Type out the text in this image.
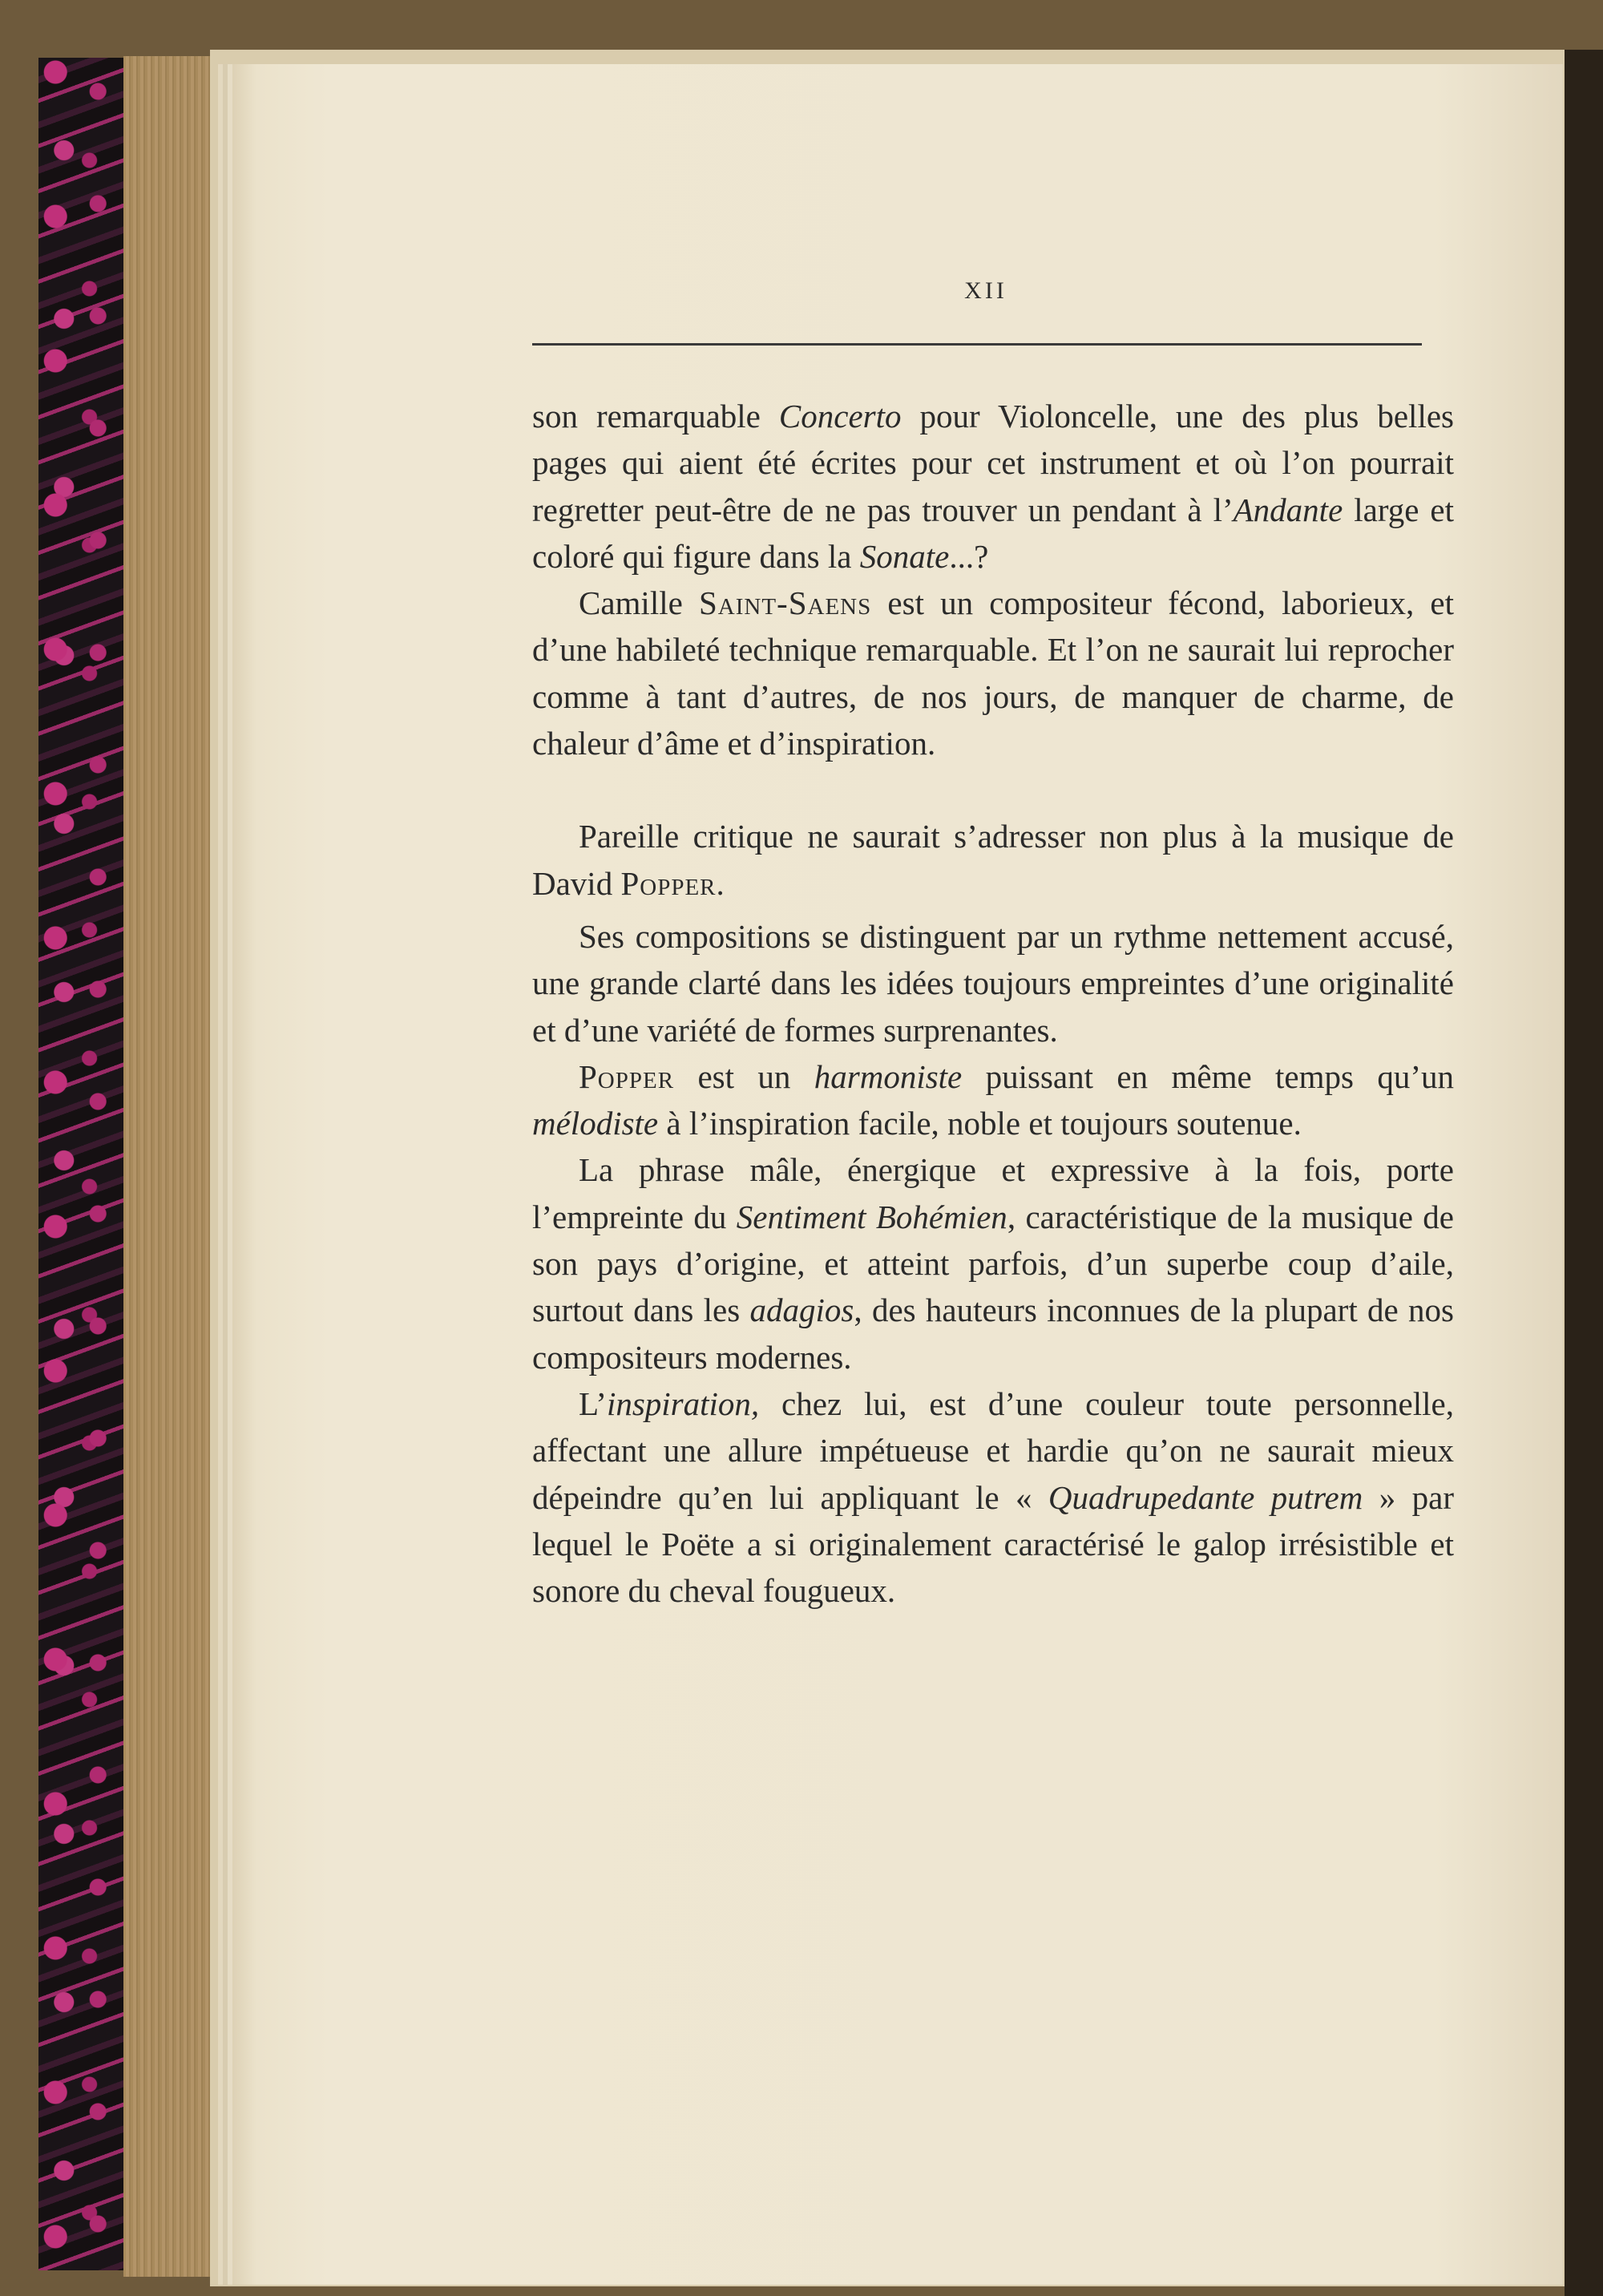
XII

son remarquable Concerto pour Violoncelle, une des plus belles pages qui aient été écrites pour cet instrument et où l’on pourrait regretter peut-être de ne pas trouver un pendant à l’Andante large et coloré qui figure dans la Sonate...?

Camille Saint-Saens est un compositeur fécond, laborieux, et d’une habileté technique remarquable. Et l’on ne saurait lui reprocher comme à tant d’autres, de nos jours, de manquer de charme, de chaleur d’âme et d’inspiration.

Pareille critique ne saurait s’adresser non plus à la musique de David Popper.

Ses compositions se distinguent par un rythme nettement accusé, une grande clarté dans les idées toujours empreintes d’une originalité et d’une variété de formes surprenantes.

Popper est un harmoniste puissant en même temps qu’un mélodiste à l’inspiration facile, noble et toujours soutenue.

La phrase mâle, énergique et expressive à la fois, porte l’empreinte du Sentiment Bohémien, caractéristique de la musique de son pays d’origine, et atteint parfois, d’un superbe coup d’aile, surtout dans les adagios, des hauteurs inconnues de la plupart de nos compositeurs modernes.

L’inspiration, chez lui, est d’une couleur toute personnelle, affectant une allure impétueuse et hardie qu’on ne saurait mieux dépeindre qu’en lui appliquant le « Quadrupedante putrem » par lequel le Poëte a si originalement caractérisé le galop irrésistible et sonore du cheval fougueux.
